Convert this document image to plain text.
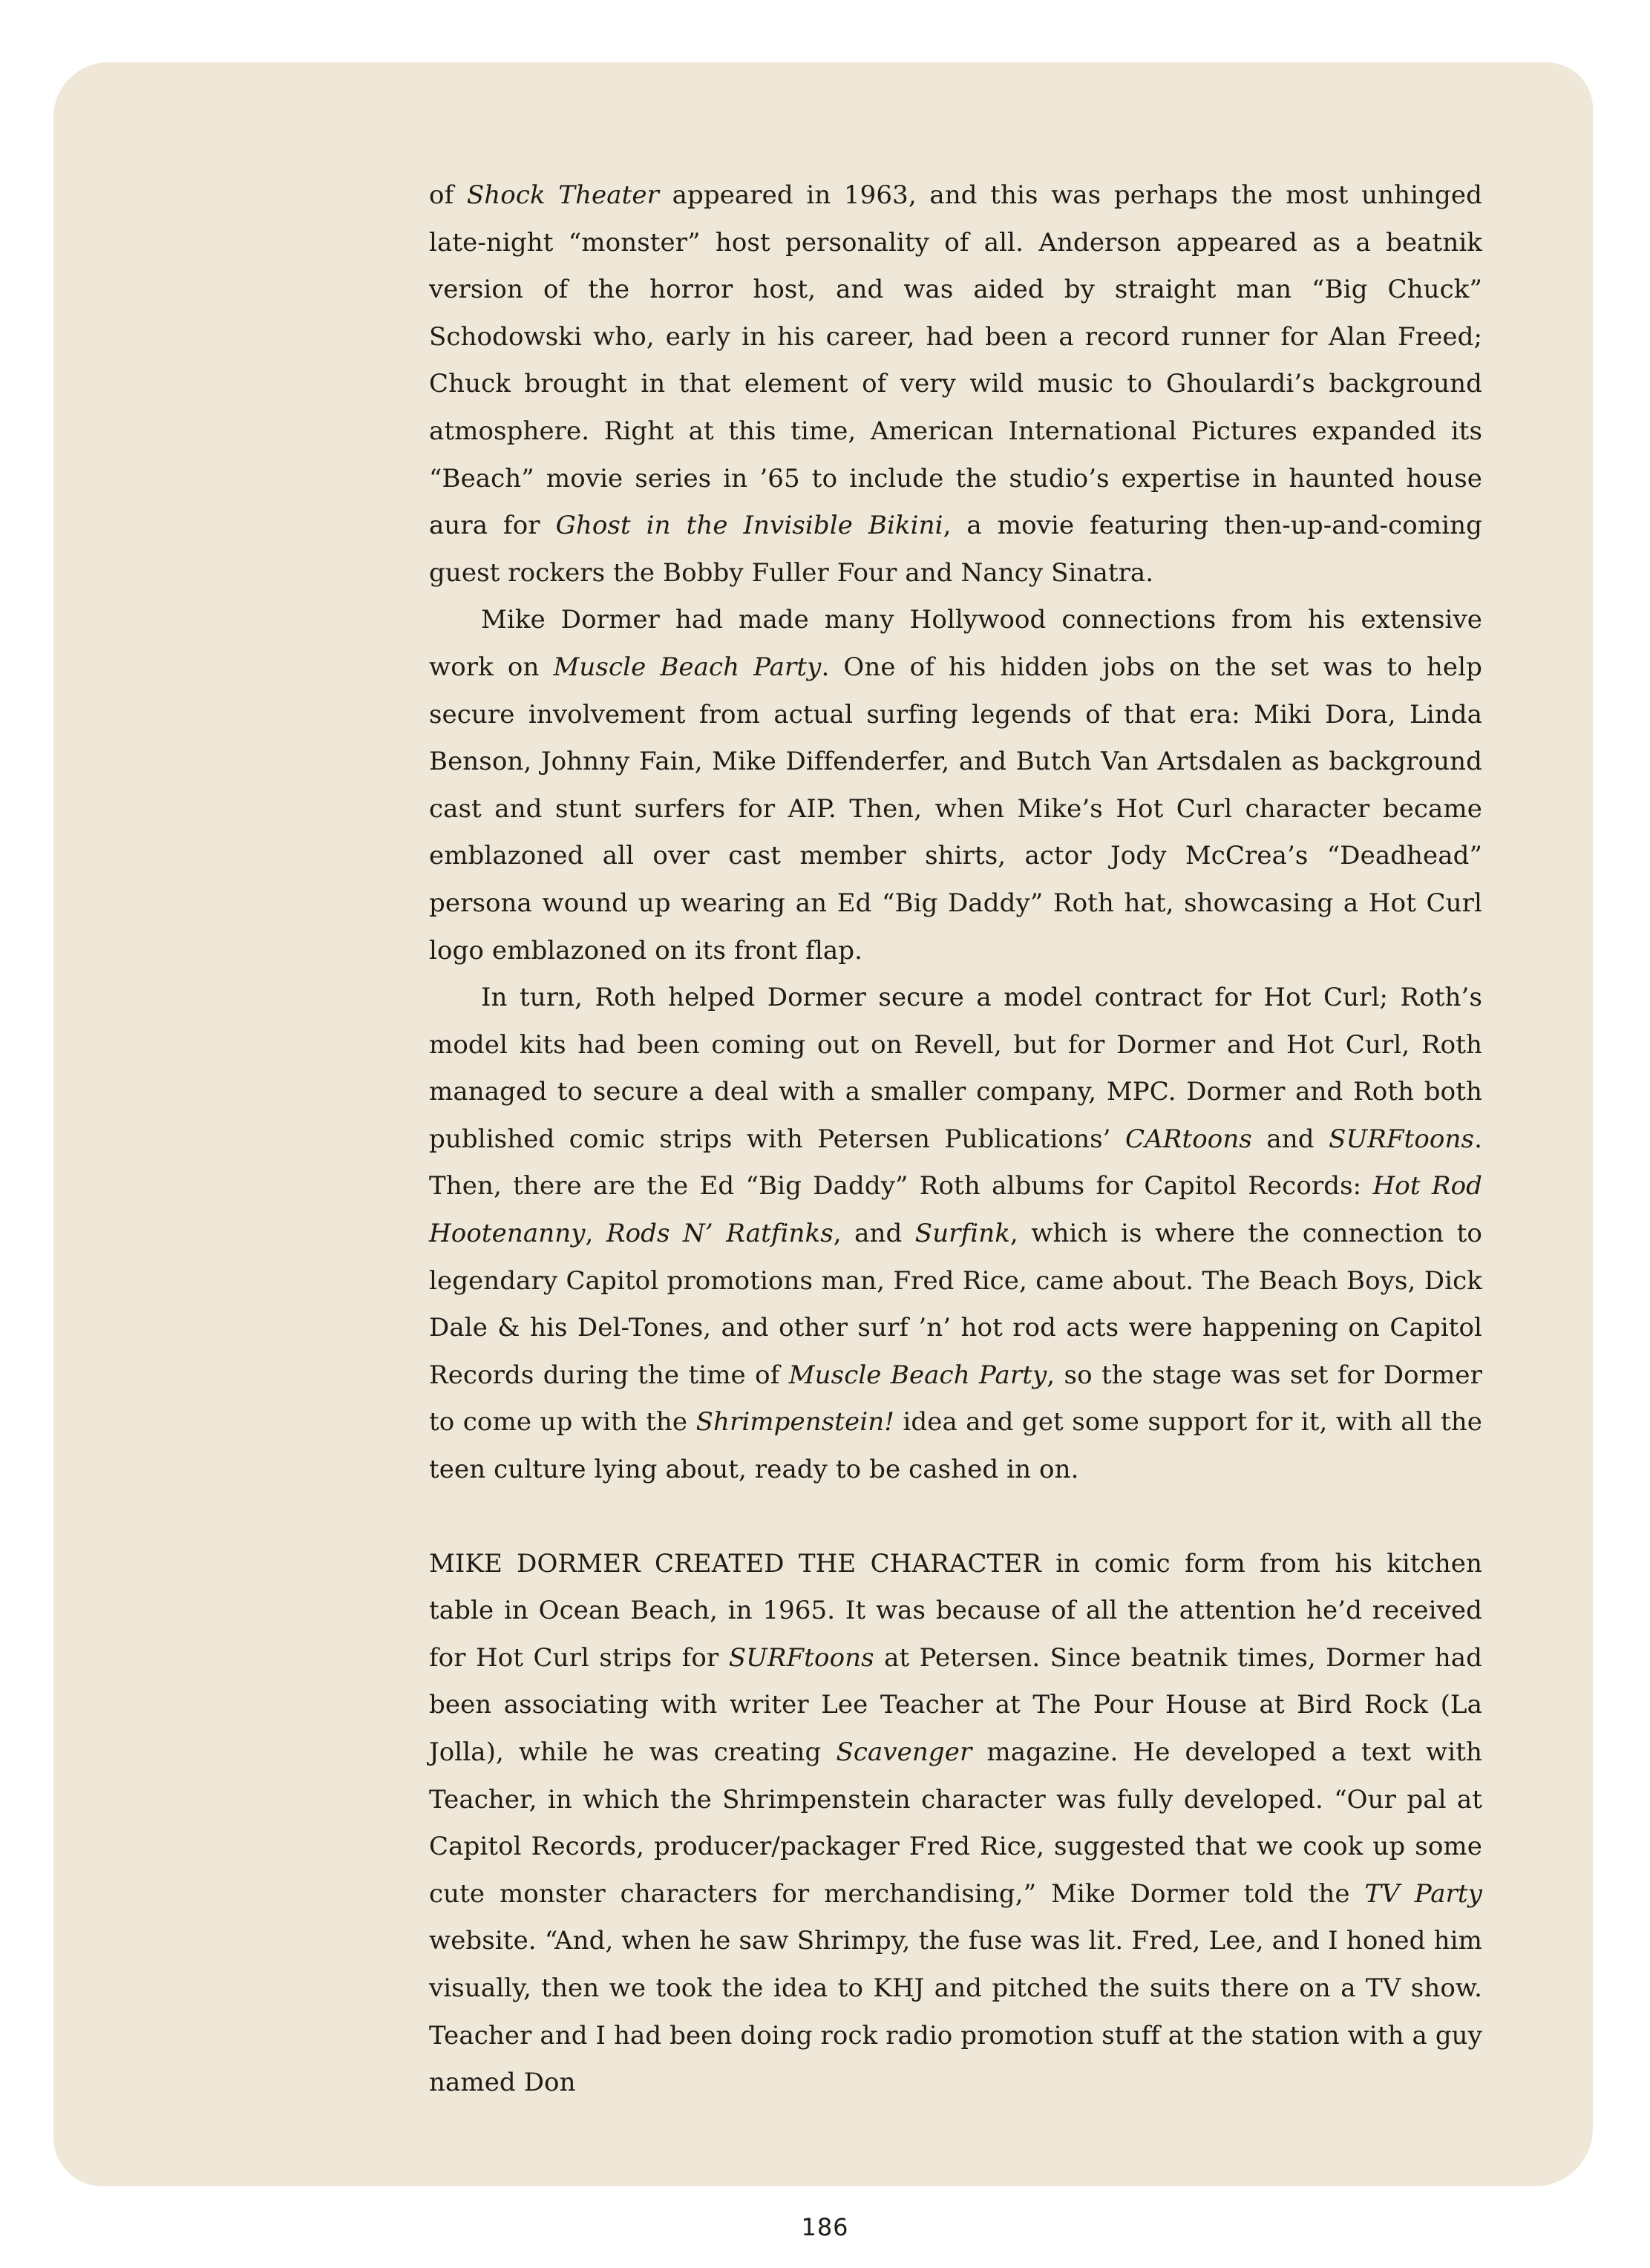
of Shock Theater appeared in 1963, and this was perhaps the most unhinged late-night “monster” host personality of all. Anderson appeared as a beatnik version of the horror host, and was aided by straight man “Big Chuck” Schodowski who, early in his career, had been a record runner for Alan Freed; Chuck brought in that element of very wild music to Ghoulardi’s background atmosphere. Right at this time, American International Pictures expanded its “Beach” movie series in ’65 to include the studio’s expertise in haunted house aura for Ghost in the Invisible Bikini, a movie featuring then-up-and-coming guest rockers the Bobby Fuller Four and Nancy Sinatra.

Mike Dormer had made many Hollywood connections from his extensive work on Muscle Beach Party. One of his hidden jobs on the set was to help secure involvement from actual surfing legends of that era: Miki Dora, Linda Benson, Johnny Fain, Mike Diffenderfer, and Butch Van Artsdalen as background cast and stunt surfers for AIP. Then, when Mike’s Hot Curl character became emblazoned all over cast member shirts, actor Jody McCrea’s “Deadhead” persona wound up wearing an Ed “Big Daddy” Roth hat, showcasing a Hot Curl logo emblazoned on its front flap.

In turn, Roth helped Dormer secure a model contract for Hot Curl; Roth’s model kits had been coming out on Revell, but for Dormer and Hot Curl, Roth managed to secure a deal with a smaller company, MPC. Dormer and Roth both published comic strips with Petersen Publications’ CARtoons and SURFtoons. Then, there are the Ed “Big Daddy” Roth albums for Capitol Records: Hot Rod Hootenanny, Rods N’ Ratfinks, and Surfink, which is where the connection to legendary Capitol promotions man, Fred Rice, came about. The Beach Boys, Dick Dale & his Del-Tones, and other surf ’n’ hot rod acts were happening on Capitol Records during the time of Muscle Beach Party, so the stage was set for Dormer to come up with the Shrimpenstein! idea and get some support for it, with all the teen culture lying about, ready to be cashed in on.

MIKE DORMER CREATED THE CHARACTER in comic form from his kitchen table in Ocean Beach, in 1965. It was because of all the attention he’d received for Hot Curl strips for SURFtoons at Petersen. Since beatnik times, Dormer had been associating with writer Lee Teacher at The Pour House at Bird Rock (La Jolla), while he was creating Scavenger magazine. He developed a text with Teacher, in which the Shrimpenstein character was fully developed. “Our pal at Capitol Records, producer/packager Fred Rice, suggested that we cook up some cute monster characters for merchandising,” Mike Dormer told the TV Party website. “And, when he saw Shrimpy, the fuse was lit. Fred, Lee, and I honed him visually, then we took the idea to KHJ and pitched the suits there on a TV show. Teacher and I had been doing rock radio promotion stuff at the station with a guy named Don

186
